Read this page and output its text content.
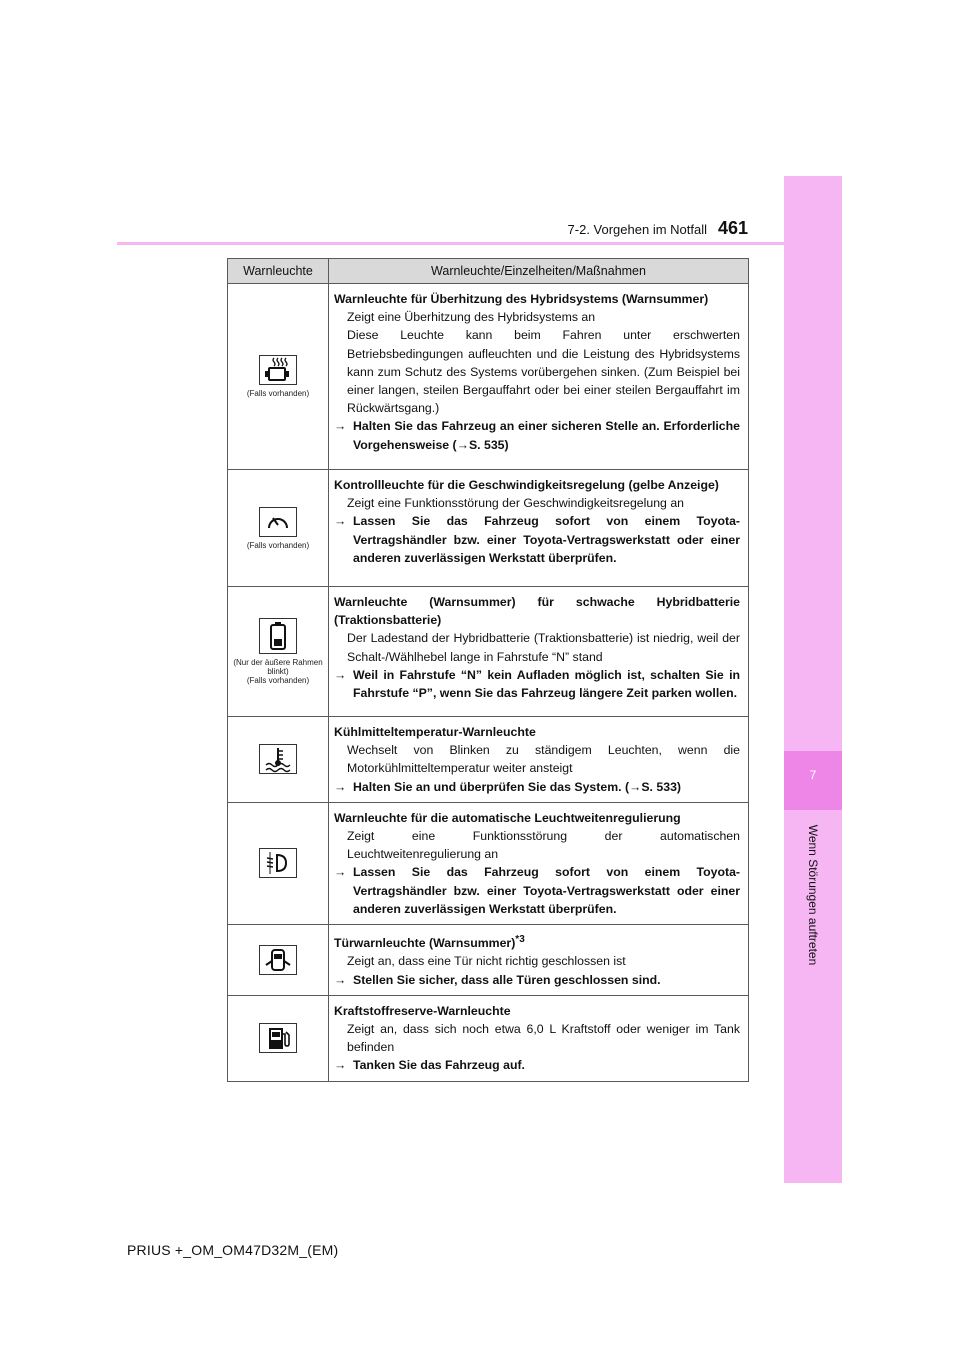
7-2. Vorgehen im Notfall 461
7
Wenn Störungen auftreten
Warnleuchte	Warnleuchte/Einzelheiten/Maßnahmen

(Falls vorhanden)	Warnleuchte für Überhitzung des Hybridsystems (Warnsummer)
Zeigt eine Überhitzung des Hybridsystems an
Diese Leuchte kann beim Fahren unter erschwerten Betriebsbedingungen aufleuchten und die Leistung des Hybridsystems kann zum Schutz des Systems vorübergehen sinken. (Zum Beispiel bei einer langen, steilen Bergauffahrt oder bei einer steilen Bergauffahrt im Rückwärtsgang.)
→ Halten Sie das Fahrzeug an einer sicheren Stelle an. Erforderliche Vorgehensweise (→S. 535)

(Falls vorhanden)	Kontrollleuchte für die Geschwindigkeitsregelung (gelbe Anzeige)
Zeigt eine Funktionsstörung der Geschwindigkeitsregelung an
→ Lassen Sie das Fahrzeug sofort von einem Toyota-Vertragshändler bzw. einer Toyota-Vertragswerkstatt oder einer anderen zuverlässigen Werkstatt überprüfen.

(Nur der äußere Rahmen blinkt)
(Falls vorhanden)	Warnleuchte (Warnsummer) für schwache Hybridbatterie (Traktionsbatterie)
Der Ladestand der Hybridbatterie (Traktionsbatterie) ist niedrig, weil der Schalt-/Wählhebel lange in Fahrstufe “N” stand
→ Weil in Fahrstufe “N” kein Aufladen möglich ist, schalten Sie in Fahrstufe “P”, wenn Sie das Fahrzeug längere Zeit parken wollen.

Kühlmitteltemperatur-Warnleuchte
Wechselt von Blinken zu ständigem Leuchten, wenn die Motorkühlmitteltemperatur weiter ansteigt
→ Halten Sie an und überprüfen Sie das System. (→S. 533)

Warnleuchte für die automatische Leuchtweitenregulierung
Zeigt eine Funktionsstörung der automatischen Leuchtweitenregulierung an
→ Lassen Sie das Fahrzeug sofort von einem Toyota-Vertragshändler bzw. einer Toyota-Vertragswerkstatt oder einer anderen zuverlässigen Werkstatt überprüfen.

Türwarnleuchte (Warnsummer)$^{*3}$
Zeigt an, dass eine Tür nicht richtig geschlossen ist
→ Stellen Sie sicher, dass alle Türen geschlossen sind.

Kraftstoffreserve-Warnleuchte
Zeigt an, dass sich noch etwa 6,0 L Kraftstoff oder weniger im Tank befinden
→ Tanken Sie das Fahrzeug auf.
PRIUS +_OM_OM47D32M_(EM)
